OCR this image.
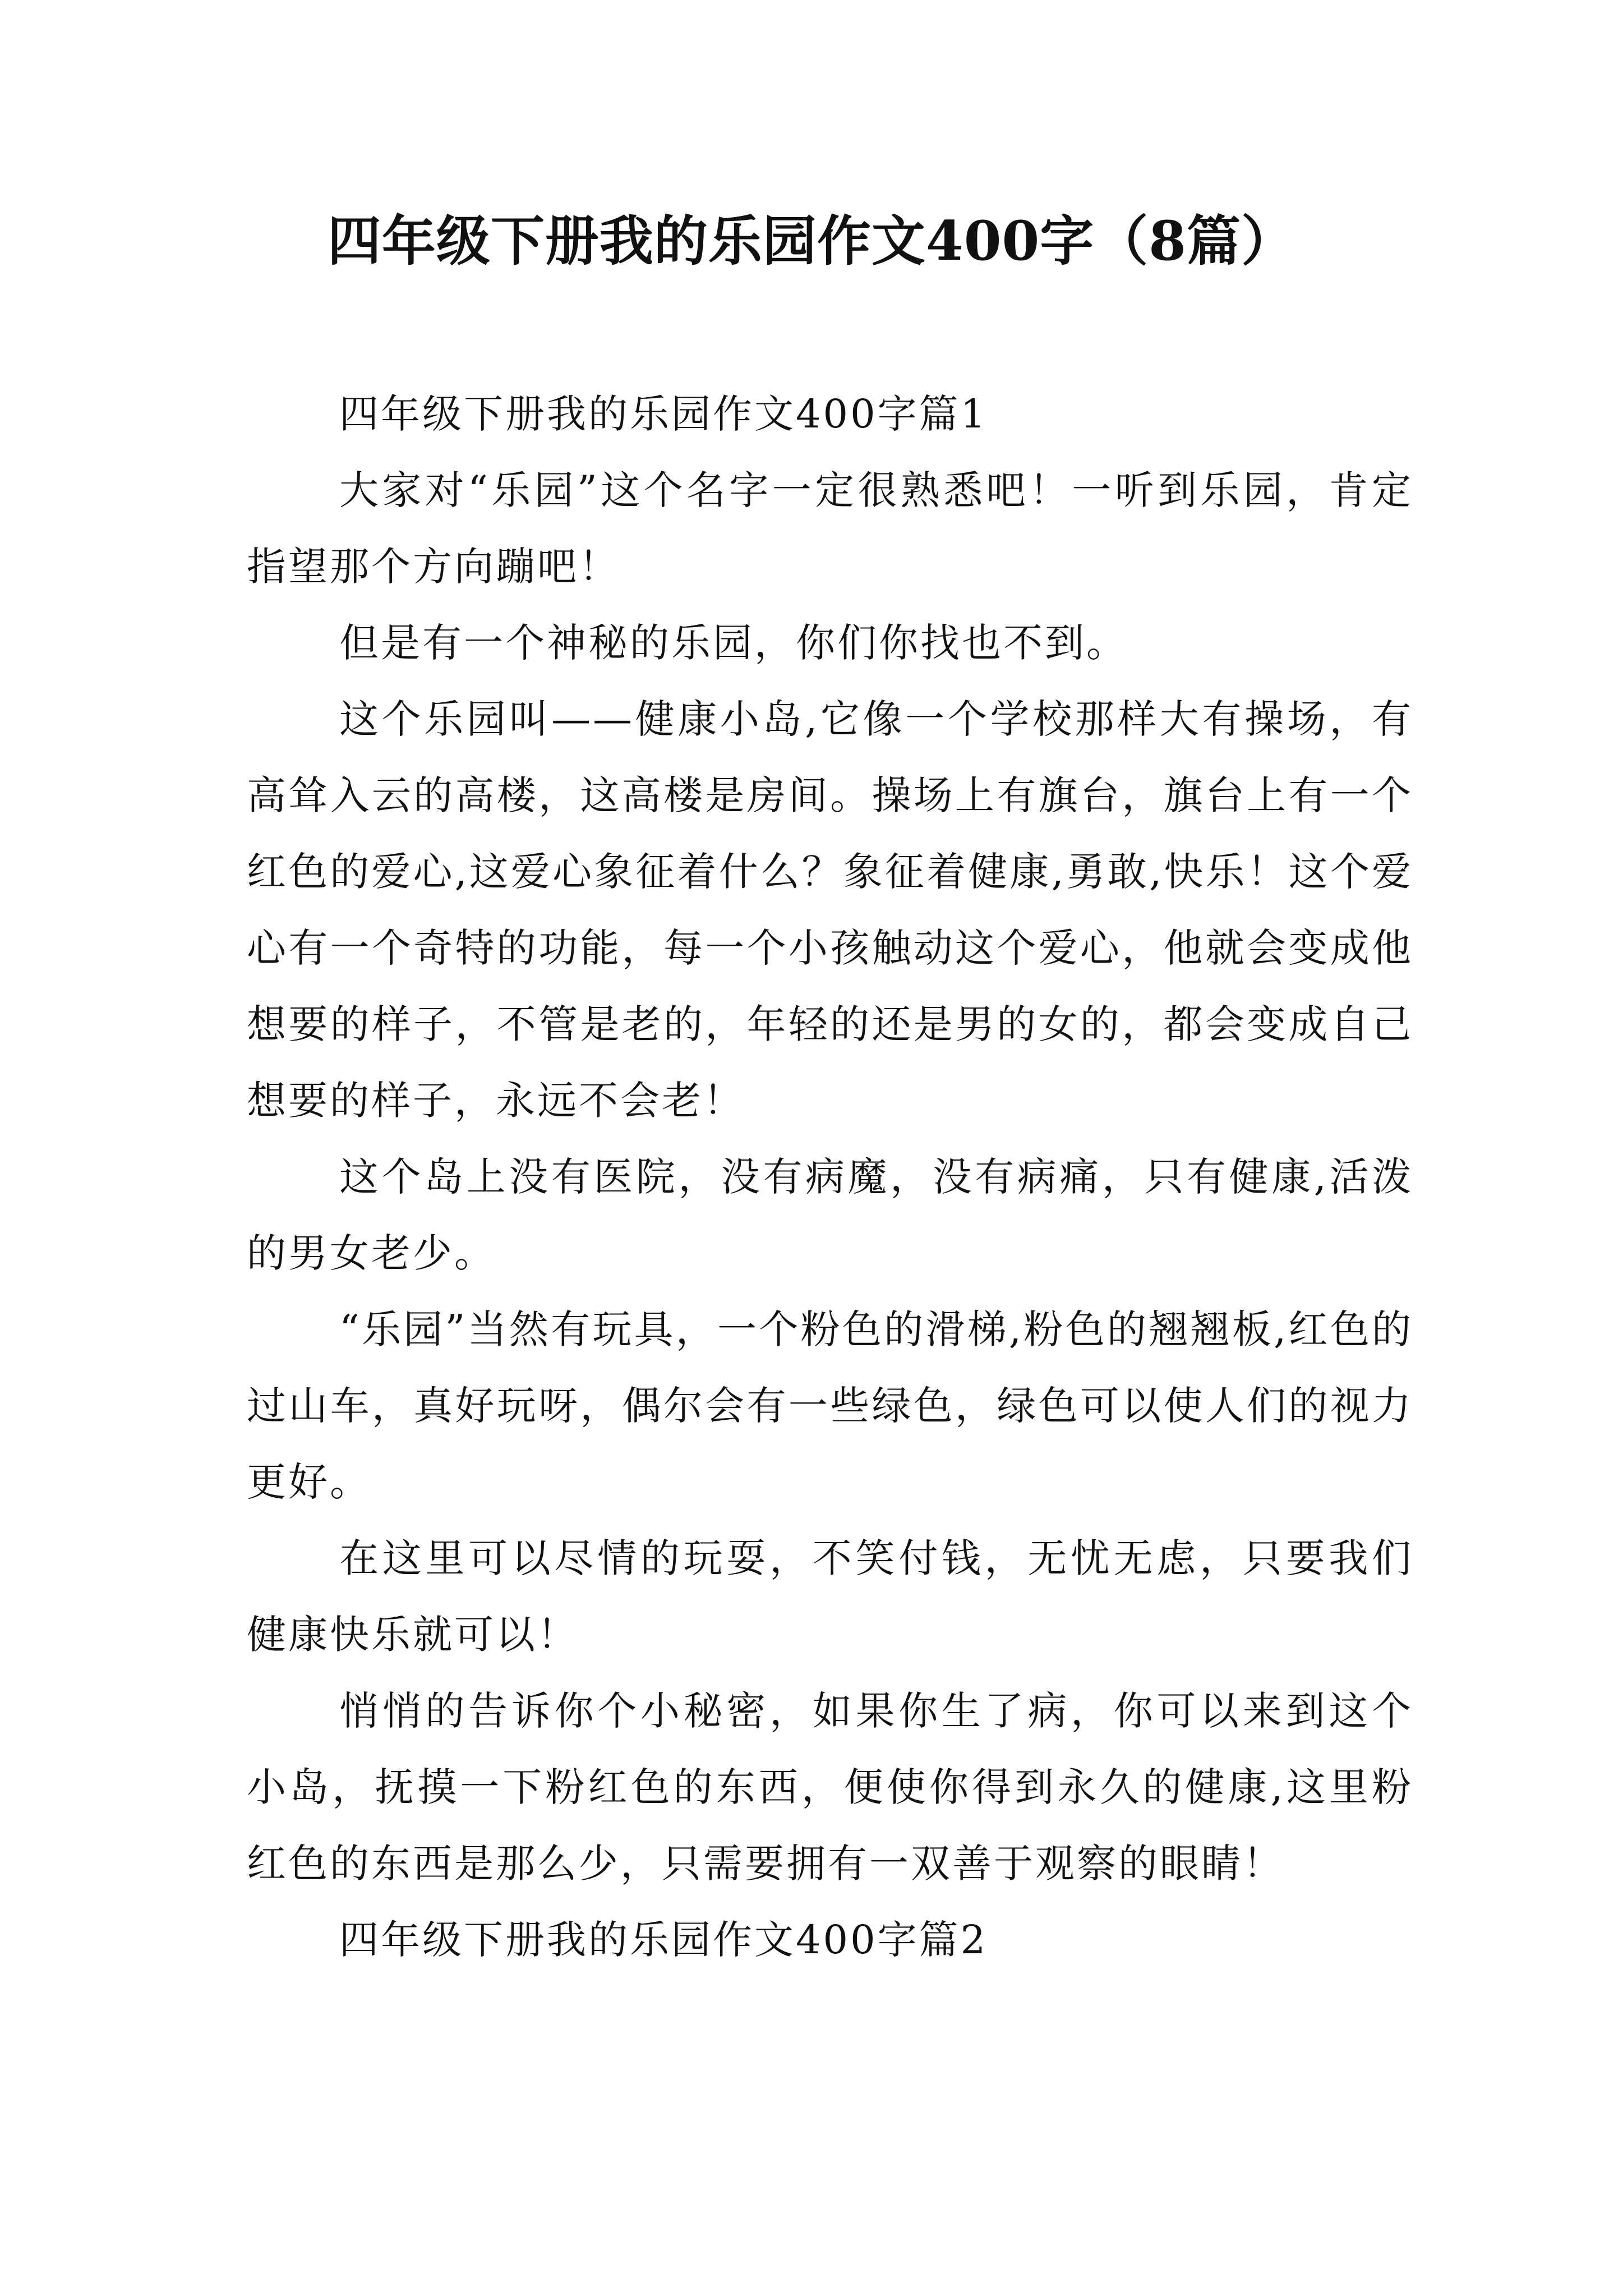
四年级下册我的乐园作文400字（8篇）

四年级下册我的乐园作文400字篇1

大家对“乐园”这个名字一定很熟悉吧！一听到乐园，肯定指望那个方向蹦吧！

但是有一个神秘的乐园，你们你找也不到。

这个乐园叫——健康小岛,它像一个学校那样大有操场，有高耸入云的高楼，这高楼是房间。操场上有旗台，旗台上有一个红色的爱心,这爱心象征着什么？象征着健康,勇敢,快乐！这个爱心有一个奇特的功能，每一个小孩触动这个爱心，他就会变成他想要的样子，不管是老的，年轻的还是男的女的，都会变成自己想要的样子，永远不会老！

这个岛上没有医院，没有病魔，没有病痛，只有健康,活泼的男女老少。

“乐园”当然有玩具，一个粉色的滑梯,粉色的翘翘板,红色的过山车，真好玩呀，偶尔会有一些绿色，绿色可以使人们的视力更好。

在这里可以尽情的玩耍，不笑付钱，无忧无虑，只要我们健康快乐就可以！

悄悄的告诉你个小秘密，如果你生了病，你可以来到这个小岛，抚摸一下粉红色的东西，便使你得到永久的健康,这里粉红色的东西是那么少，只需要拥有一双善于观察的眼睛！

四年级下册我的乐园作文400字篇2
